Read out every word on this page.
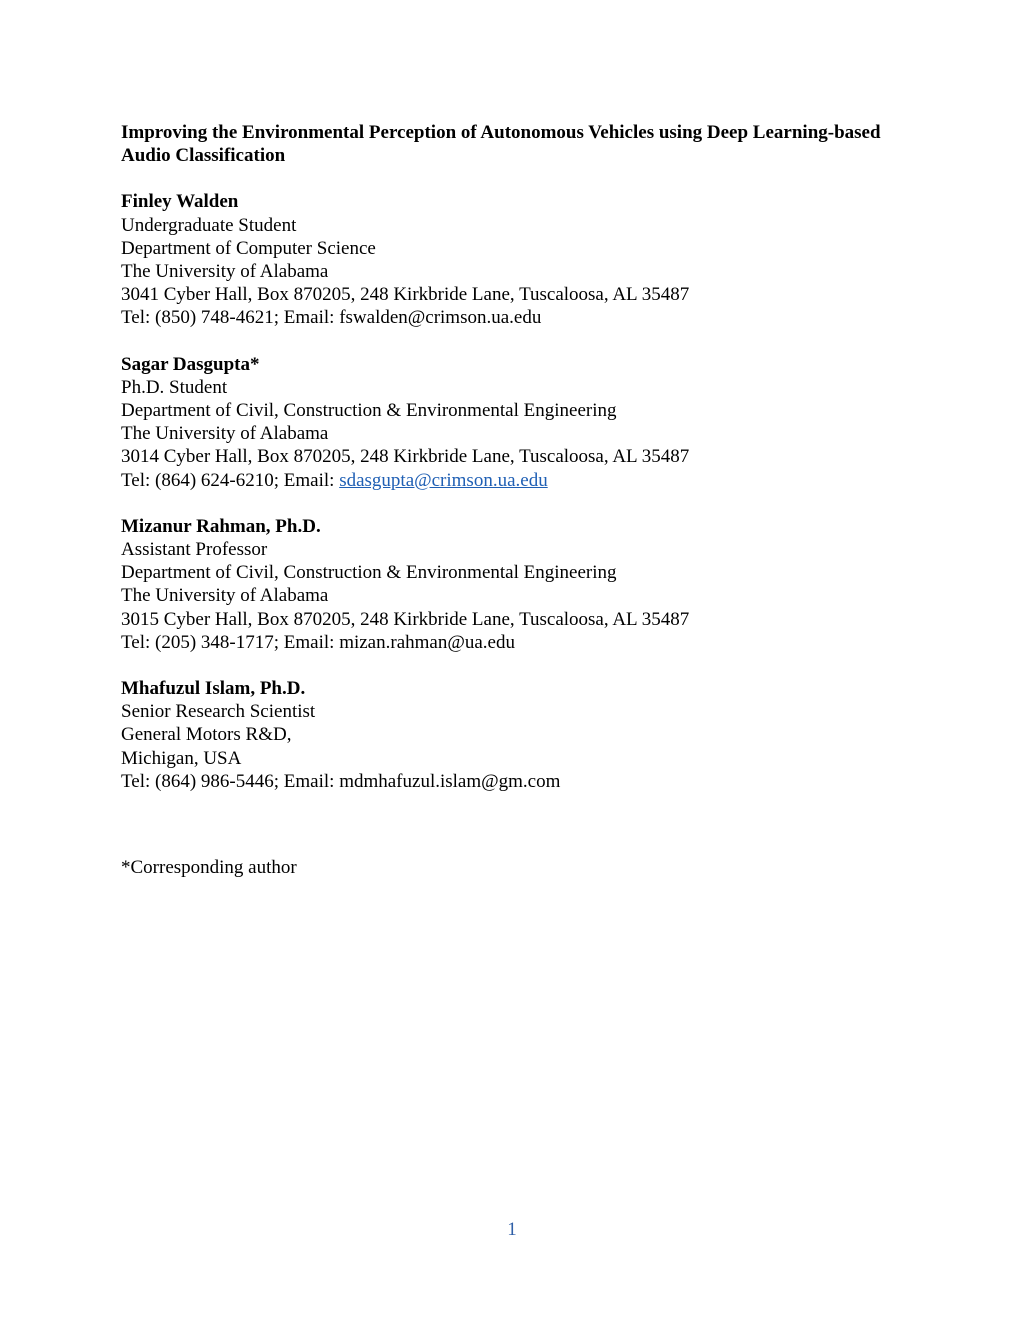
Improving the Environmental Perception of Autonomous Vehicles using Deep Learning-based Audio Classification

Finley Walden
Undergraduate Student
Department of Computer Science
The University of Alabama
3041 Cyber Hall, Box 870205, 248 Kirkbride Lane, Tuscaloosa, AL 35487
Tel: (850) 748-4621; Email: fswalden@crimson.ua.edu
Sagar Dasgupta*
Ph.D. Student
Department of Civil, Construction & Environmental Engineering
The University of Alabama
3014 Cyber Hall, Box 870205, 248 Kirkbride Lane, Tuscaloosa, AL 35487
Tel: (864) 624-6210; Email: sdasgupta@crimson.ua.edu
Mizanur Rahman, Ph.D.
Assistant Professor
Department of Civil, Construction & Environmental Engineering
The University of Alabama
3015 Cyber Hall, Box 870205, 248 Kirkbride Lane, Tuscaloosa, AL 35487
Tel: (205) 348-1717; Email: mizan.rahman@ua.edu
Mhafuzul Islam, Ph.D.
Senior Research Scientist
General Motors R&D,
Michigan, USA
Tel: (864) 986-5446; Email: mdmhafuzul.islam@gm.com
*Corresponding author
1
